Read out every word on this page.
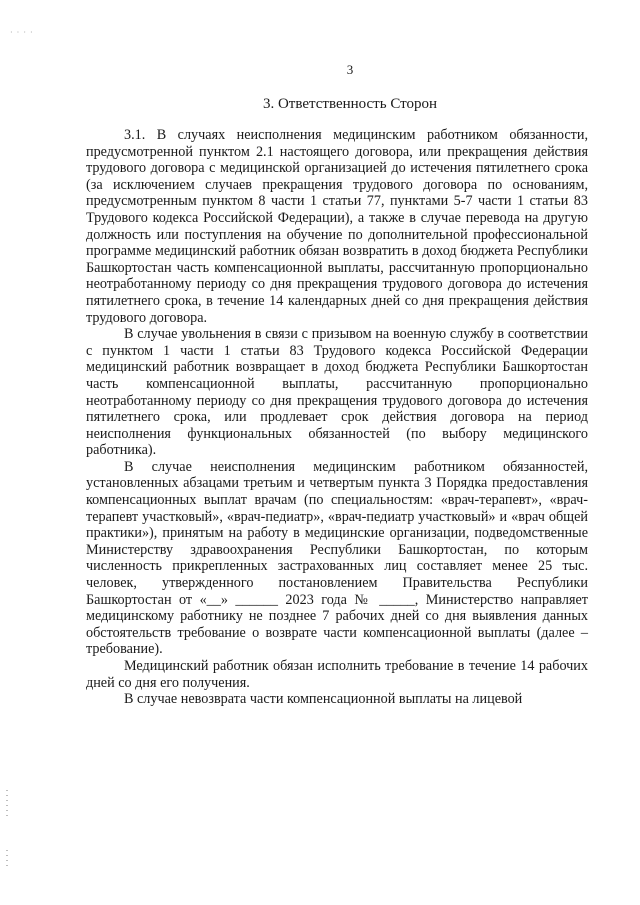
· · · ·
3
3. Ответственность Сторон

3.1. В случаях неисполнения медицинским работником обязанности, предусмотренной пунктом 2.1 настоящего договора, или прекращения действия трудового договора с медицинской организацией до истечения пятилетнего срока (за исключением случаев прекращения трудового договора по основаниям, предусмотренным пунктом 8 части 1 статьи 77, пунктами 5-7 части 1 статьи 83 Трудового кодекса Российской Федерации), а также в случае перевода на другую должность или поступления на обучение по дополнительной профессиональной программе медицинский работник обязан возвратить в доход бюджета Республики Башкортостан часть компенсационной выплаты, рассчитанную пропорционально неотработанному периоду со дня прекращения трудового договора до истечения пятилетнего срока, в течение 14 календарных дней со дня прекращения действия трудового договора.

В случае увольнения в связи с призывом на военную службу в соответствии с пунктом 1 части 1 статьи 83 Трудового кодекса Российской Федерации медицинский работник возвращает в доход бюджета Республики Башкортостан часть компенсационной выплаты, рассчитанную пропорционально неотработанному периоду со дня прекращения трудового договора до истечения пятилетнего срока, или продлевает срок действия договора на период неисполнения функциональных обязанностей (по выбору медицинского работника).

В случае неисполнения медицинским работником обязанностей, установленных абзацами третьим и четвертым пункта 3 Порядка предоставления компенсационных выплат врачам (по специальностям: «врач-терапевт», «врач-терапевт участковый», «врач-педиатр», «врач-педиатр участковый» и «врач общей практики»), принятым на работу в медицинские организации, подведомственные Министерству здравоохранения Республики Башкортостан, по которым численность прикрепленных застрахованных лиц составляет менее 25 тыс. человек, утвержденного постановлением Правительства Республики Башкортостан от «__» ______ 2023 года № _____, Министерство направляет медицинскому работнику не позднее 7 рабочих дней со дня выявления данных обстоятельств требование о возврате части компенсационной выплаты (далее – требование).

Медицинский работник обязан исполнить требование в течение 14 рабочих дней со дня его получения.

В случае невозврата части компенсационной выплаты на лицевой
